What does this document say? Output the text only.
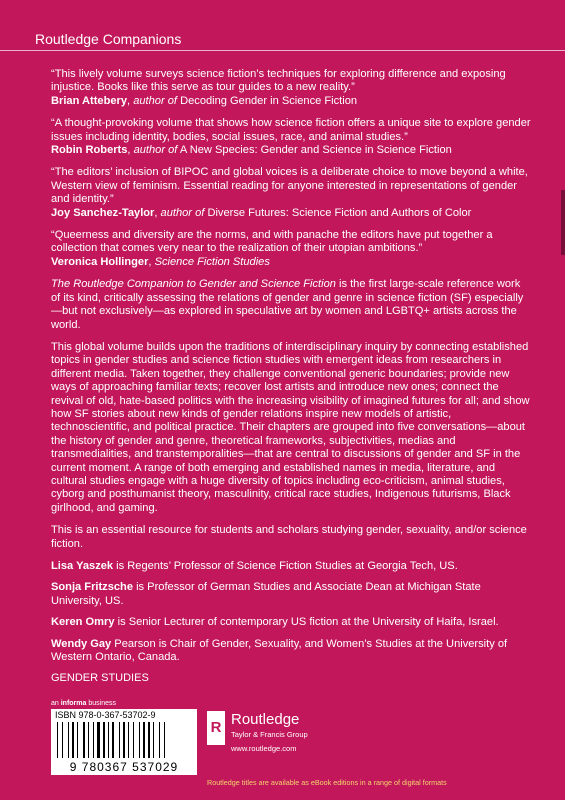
Routledge Companions
“This lively volume surveys science fiction’s techniques for exploring difference and exposing injustice. Books like this serve as tour guides to a new reality.”
Brian Attebery, author of Decoding Gender in Science Fiction
“A thought-provoking volume that shows how science fiction offers a unique site to explore gender issues including identity, bodies, social issues, race, and animal studies.”
Robin Roberts, author of A New Species: Gender and Science in Science Fiction
“The editors’ inclusion of BIPOC and global voices is a deliberate choice to move beyond a white, Western view of feminism. Essential reading for anyone interested in representations of gender and identity.”
Joy Sanchez-Taylor, author of Diverse Futures: Science Fiction and Authors of Color
“Queerness and diversity are the norms, and with panache the editors have put together a collection that comes very near to the realization of their utopian ambitions.”
Veronica Hollinger, Science Fiction Studies

The Routledge Companion to Gender and Science Fiction is the first large-scale reference work of its kind, critically assessing the relations of gender and genre in science fiction (SF) especially—but not exclusively—as explored in speculative art by women and LGBTQ+ artists across the world.

This global volume builds upon the traditions of interdisciplinary inquiry by connecting established topics in gender studies and science fiction studies with emergent ideas from researchers in different media. Taken together, they challenge conventional generic boundaries; provide new ways of approaching familiar texts; recover lost artists and introduce new ones; connect the revival of old, hate-based politics with the increasing visibility of imagined futures for all; and show how SF stories about new kinds of gender relations inspire new models of artistic, technoscientific, and political practice. Their chapters are grouped into five conversations—about the history of gender and genre, theoretical frameworks, subjectivities, medias and transmedialities, and transtemporalities—that are central to discussions of gender and SF in the current moment. A range of both emerging and established names in media, literature, and cultural studies engage with a huge diversity of topics including eco-criticism, animal studies, cyborg and posthumanist theory, masculinity, critical race studies, Indigenous futurisms, Black girlhood, and gaming.

This is an essential resource for students and scholars studying gender, sexuality, and/or science fiction.

Lisa Yaszek is Regents’ Professor of Science Fiction Studies at Georgia Tech, US.
Sonja Fritzsche is Professor of German Studies and Associate Dean at Michigan State University, US.
Keren Omry is Senior Lecturer of contemporary US fiction at the University of Haifa, Israel.
Wendy Gay Pearson is Chair of Gender, Sexuality, and Women’s Studies at the University of Western Ontario, Canada.
GENDER STUDIES
an informa business
ISBN 978-0-367-53702-9
9 780367 537029
R Routledge
Taylor & Francis Group
www.routledge.com
Routledge titles are available as eBook editions in a range of digital formats
